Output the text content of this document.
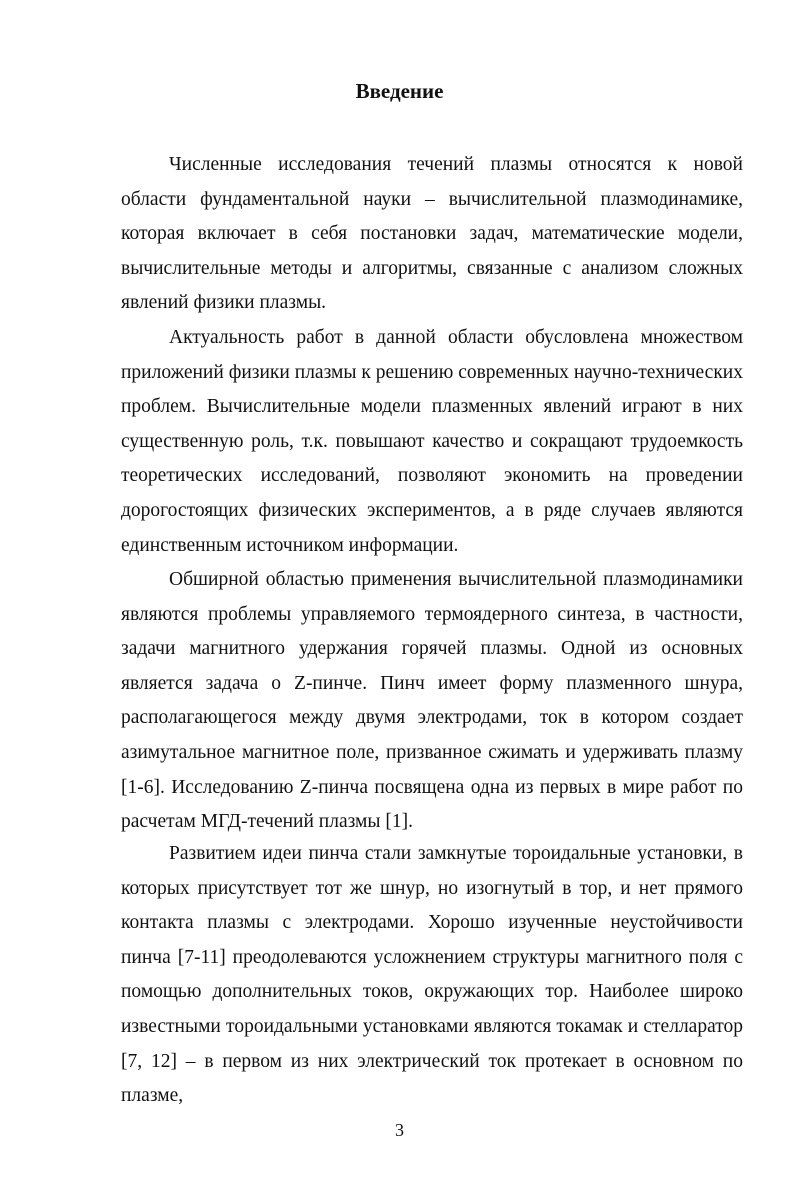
Введение

Численные исследования течений плазмы относятся к новой области фундаментальной науки – вычислительной плазмодинамике, которая включает в себя постановки задач, математические модели, вычислительные методы и алгоритмы, связанные с анализом сложных явлений физики плазмы.

Актуальность работ в данной области обусловлена множеством приложений физики плазмы к решению современных научно-технических проблем. Вычислительные модели плазменных явлений играют в них существенную роль, т.к. повышают качество и сокращают трудоемкость теоретических исследований, позволяют экономить на проведении дорогостоящих физических экспериментов, а в ряде случаев являются единственным источником информации.

Обширной областью применения вычислительной плазмодинамики являются проблемы управляемого термоядерного синтеза, в частности, задачи магнитного удержания горячей плазмы. Одной из основных является задача о Z-пинче. Пинч имеет форму плазменного шнура, располагающегося между двумя электродами, ток в котором создает азимутальное магнитное поле, призванное сжимать и удерживать плазму [1-6]. Исследованию Z-пинча посвящена одна из первых в мире работ по расчетам МГД-течений плазмы [1].

Развитием идеи пинча стали замкнутые тороидальные установки, в которых присутствует тот же шнур, но изогнутый в тор, и нет прямого контакта плазмы с электродами. Хорошо изученные неустойчивости пинча [7-11] преодолеваются усложнением структуры магнитного поля с помощью дополнительных токов, окружающих тор. Наиболее широко известными тороидальными установками являются токамак и стелларатор [7, 12] – в первом из них электрический ток протекает в основном по плазме,

3
